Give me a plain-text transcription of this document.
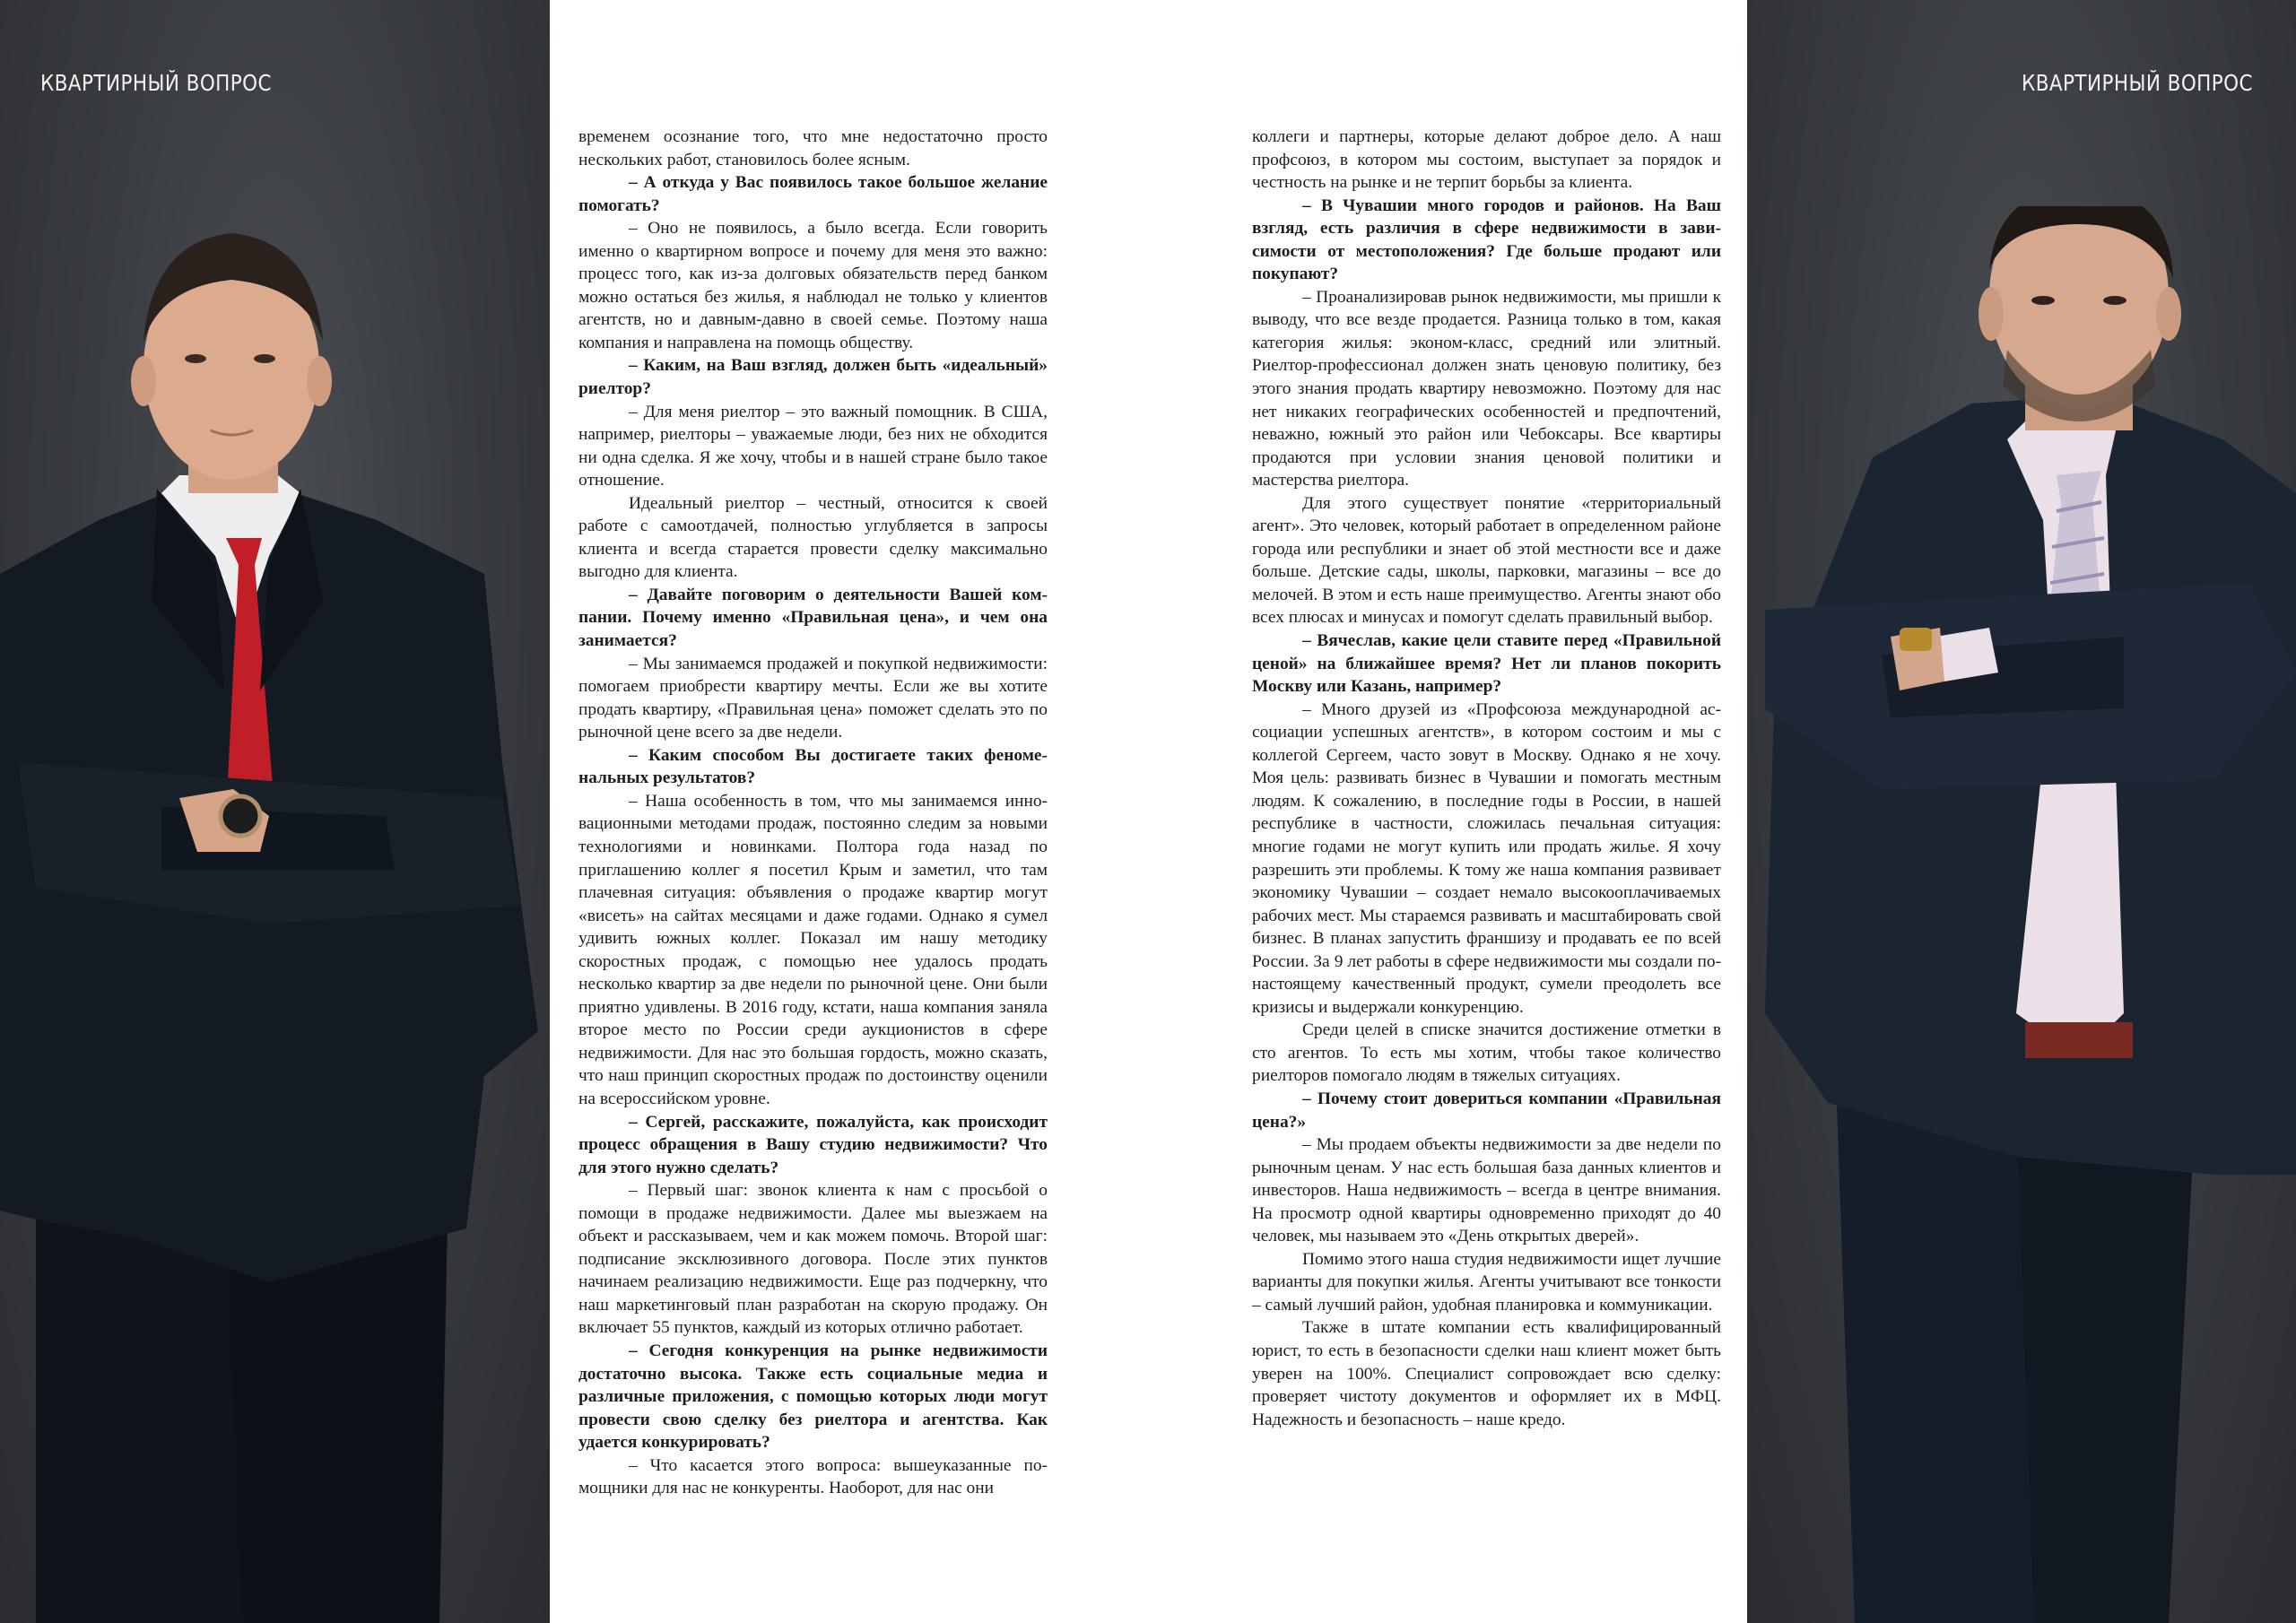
КВАРТИРНЫЙ ВОПРОС

временем осознание того, что мне недостаточно просто нескольких работ, становилось более ясным.

– А откуда у Вас появилось такое большое желание помогать?

– Оно не появилось, а было всегда. Если говорить именно о квартирном вопросе и почему для меня это важно: процесс того, как из-за долговых обязательств перед банком можно остаться без жилья, я наблюдал не только у клиентов агентств, но и давным-давно в своей семье. Поэтому наша компания и направлена на помощь обществу.

– Каким, на Ваш взгляд, должен быть «идеальный» риелтор?

– Для меня риелтор – это важный помощник. В США, например, риелторы – уважаемые люди, без них не обходится ни одна сделка. Я же хочу, чтобы и в нашей стране было такое отношение.

Идеальный риелтор – честный, относится к своей работе с самоотдачей, полностью углубляется в запросы клиента и всегда старается провести сделку максимально выгодно для клиента.

– Давайте поговорим о деятельности Вашей компании. Почему именно «Правильная цена», и чем она занимается?

– Мы занимаемся продажей и покупкой недвижимости: помогаем приобрести квартиру мечты. Если же вы хотите продать квартиру, «Правильная цена» поможет сделать это по рыночной цене всего за две недели.

– Каким способом Вы достигаете таких феноменальных результатов?

– Наша особенность в том, что мы занимаемся инновационными методами продаж, постоянно следим за новыми технологиями и новинками. Полтора года назад по приглашению коллег я посетил Крым и заметил, что там плачевная ситуация: объявления о продаже квартир могут «висеть» на сайтах месяцами и даже годами. Однако я сумел удивить южных коллег. Показал им нашу методику скоростных продаж, с помощью нее удалось продать несколько квартир за две недели по рыночной цене. Они были приятно удивлены. В 2016 году, кстати, наша компания заняла второе место по России среди аукционистов в сфере недвижимости. Для нас это большая гордость, можно сказать, что наш принцип скоростных продаж по достоинству оценили на всероссийском уровне.

– Сергей, расскажите, пожалуйста, как происходит процесс обращения в Вашу студию недвижимости? Что для этого нужно сделать?

– Первый шаг: звонок клиента к нам с просьбой о помощи в продаже недвижимости. Далее мы выезжаем на объект и рассказываем, чем и как можем помочь. Второй шаг: подписание эксклюзивного договора. После этих пунктов начинаем реализацию недвижимости. Еще раз подчеркну, что наш маркетинговый план разработан на скорую продажу. Он включает 55 пунктов, каждый из которых отлично работает.

– Сегодня конкуренция на рынке недвижимости достаточно высока. Также есть социальные медиа и различные приложения, с помощью которых люди могут провести свою сделку без риелтора и агентства. Как удается конкурировать?

– Что касается этого вопроса: вышеуказанные помощники для нас не конкуренты. Наоборот, для нас они

коллеги и партнеры, которые делают доброе дело. А наш профсоюз, в котором мы состоим, выступает за порядок и честность на рынке и не терпит борьбы за клиента.

– В Чувашии много городов и районов. На Ваш взгляд, есть различия в сфере недвижимости в зависимости от местоположения? Где больше продают или покупают?

– Проанализировав рынок недвижимости, мы пришли к выводу, что все везде продается. Разница только в том, какая категория жилья: эконом-класс, средний или элитный. Риелтор-профессионал должен знать ценовую политику, без этого знания продать квартиру невозможно. Поэтому для нас нет никаких географических особенностей и предпочтений, неважно, южный это район или Чебоксары. Все квартиры продаются при условии знания ценовой политики и мастерства риелтора.

Для этого существует понятие «территориальный агент». Это человек, который работает в определенном районе города или республики и знает об этой местности все и даже больше. Детские сады, школы, парковки, магазины – все до мелочей. В этом и есть наше преимущество. Агенты знают обо всех плюсах и минусах и помогут сделать правильный выбор.

– Вячеслав, какие цели ставите перед «Правильной ценой» на ближайшее время? Нет ли планов покорить Москву или Казань, например?

– Много друзей из «Профсоюза международной ассоциации успешных агентств», в котором состоим и мы с коллегой Сергеем, часто зовут в Москву. Однако я не хочу. Моя цель: развивать бизнес в Чувашии и помогать местным людям. К сожалению, в последние годы в России, в нашей республике в частности, сложилась печальная ситуация: многие годами не могут купить или продать жилье. Я хочу разрешить эти проблемы. К тому же наша компания развивает экономику Чувашии – создает немало высокооплачиваемых рабочих мест. Мы стараемся развивать и масштабировать свой бизнес. В планах запустить франшизу и продавать ее по всей России. За 9 лет работы в сфере недвижимости мы создали по-настоящему качественный продукт, сумели преодолеть все кризисы и выдержали конкуренцию.

Среди целей в списке значится достижение отметки в сто агентов. То есть мы хотим, чтобы такое количество риелторов помогало людям в тяжелых ситуациях.

– Почему стоит довериться компании «Правильная цена?»

– Мы продаем объекты недвижимости за две недели по рыночным ценам. У нас есть большая база данных клиентов и инвесторов. Наша недвижимость – всегда в центре внимания. На просмотр одной квартиры одновременно приходят до 40 человек, мы называем это «День открытых дверей».

Помимо этого наша студия недвижимости ищет лучшие варианты для покупки жилья. Агенты учитывают все тонкости – самый лучший район, удобная планировка и коммуникации.

Также в штате компании есть квалифицированный юрист, то есть в безопасности сделки наш клиент может быть уверен на 100%. Специалист сопровождает всю сделку: проверяет чистоту документов и оформляет их в МФЦ. Надежность и безопасность – наше кредо.

КВАРТИРНЫЙ ВОПРОС
